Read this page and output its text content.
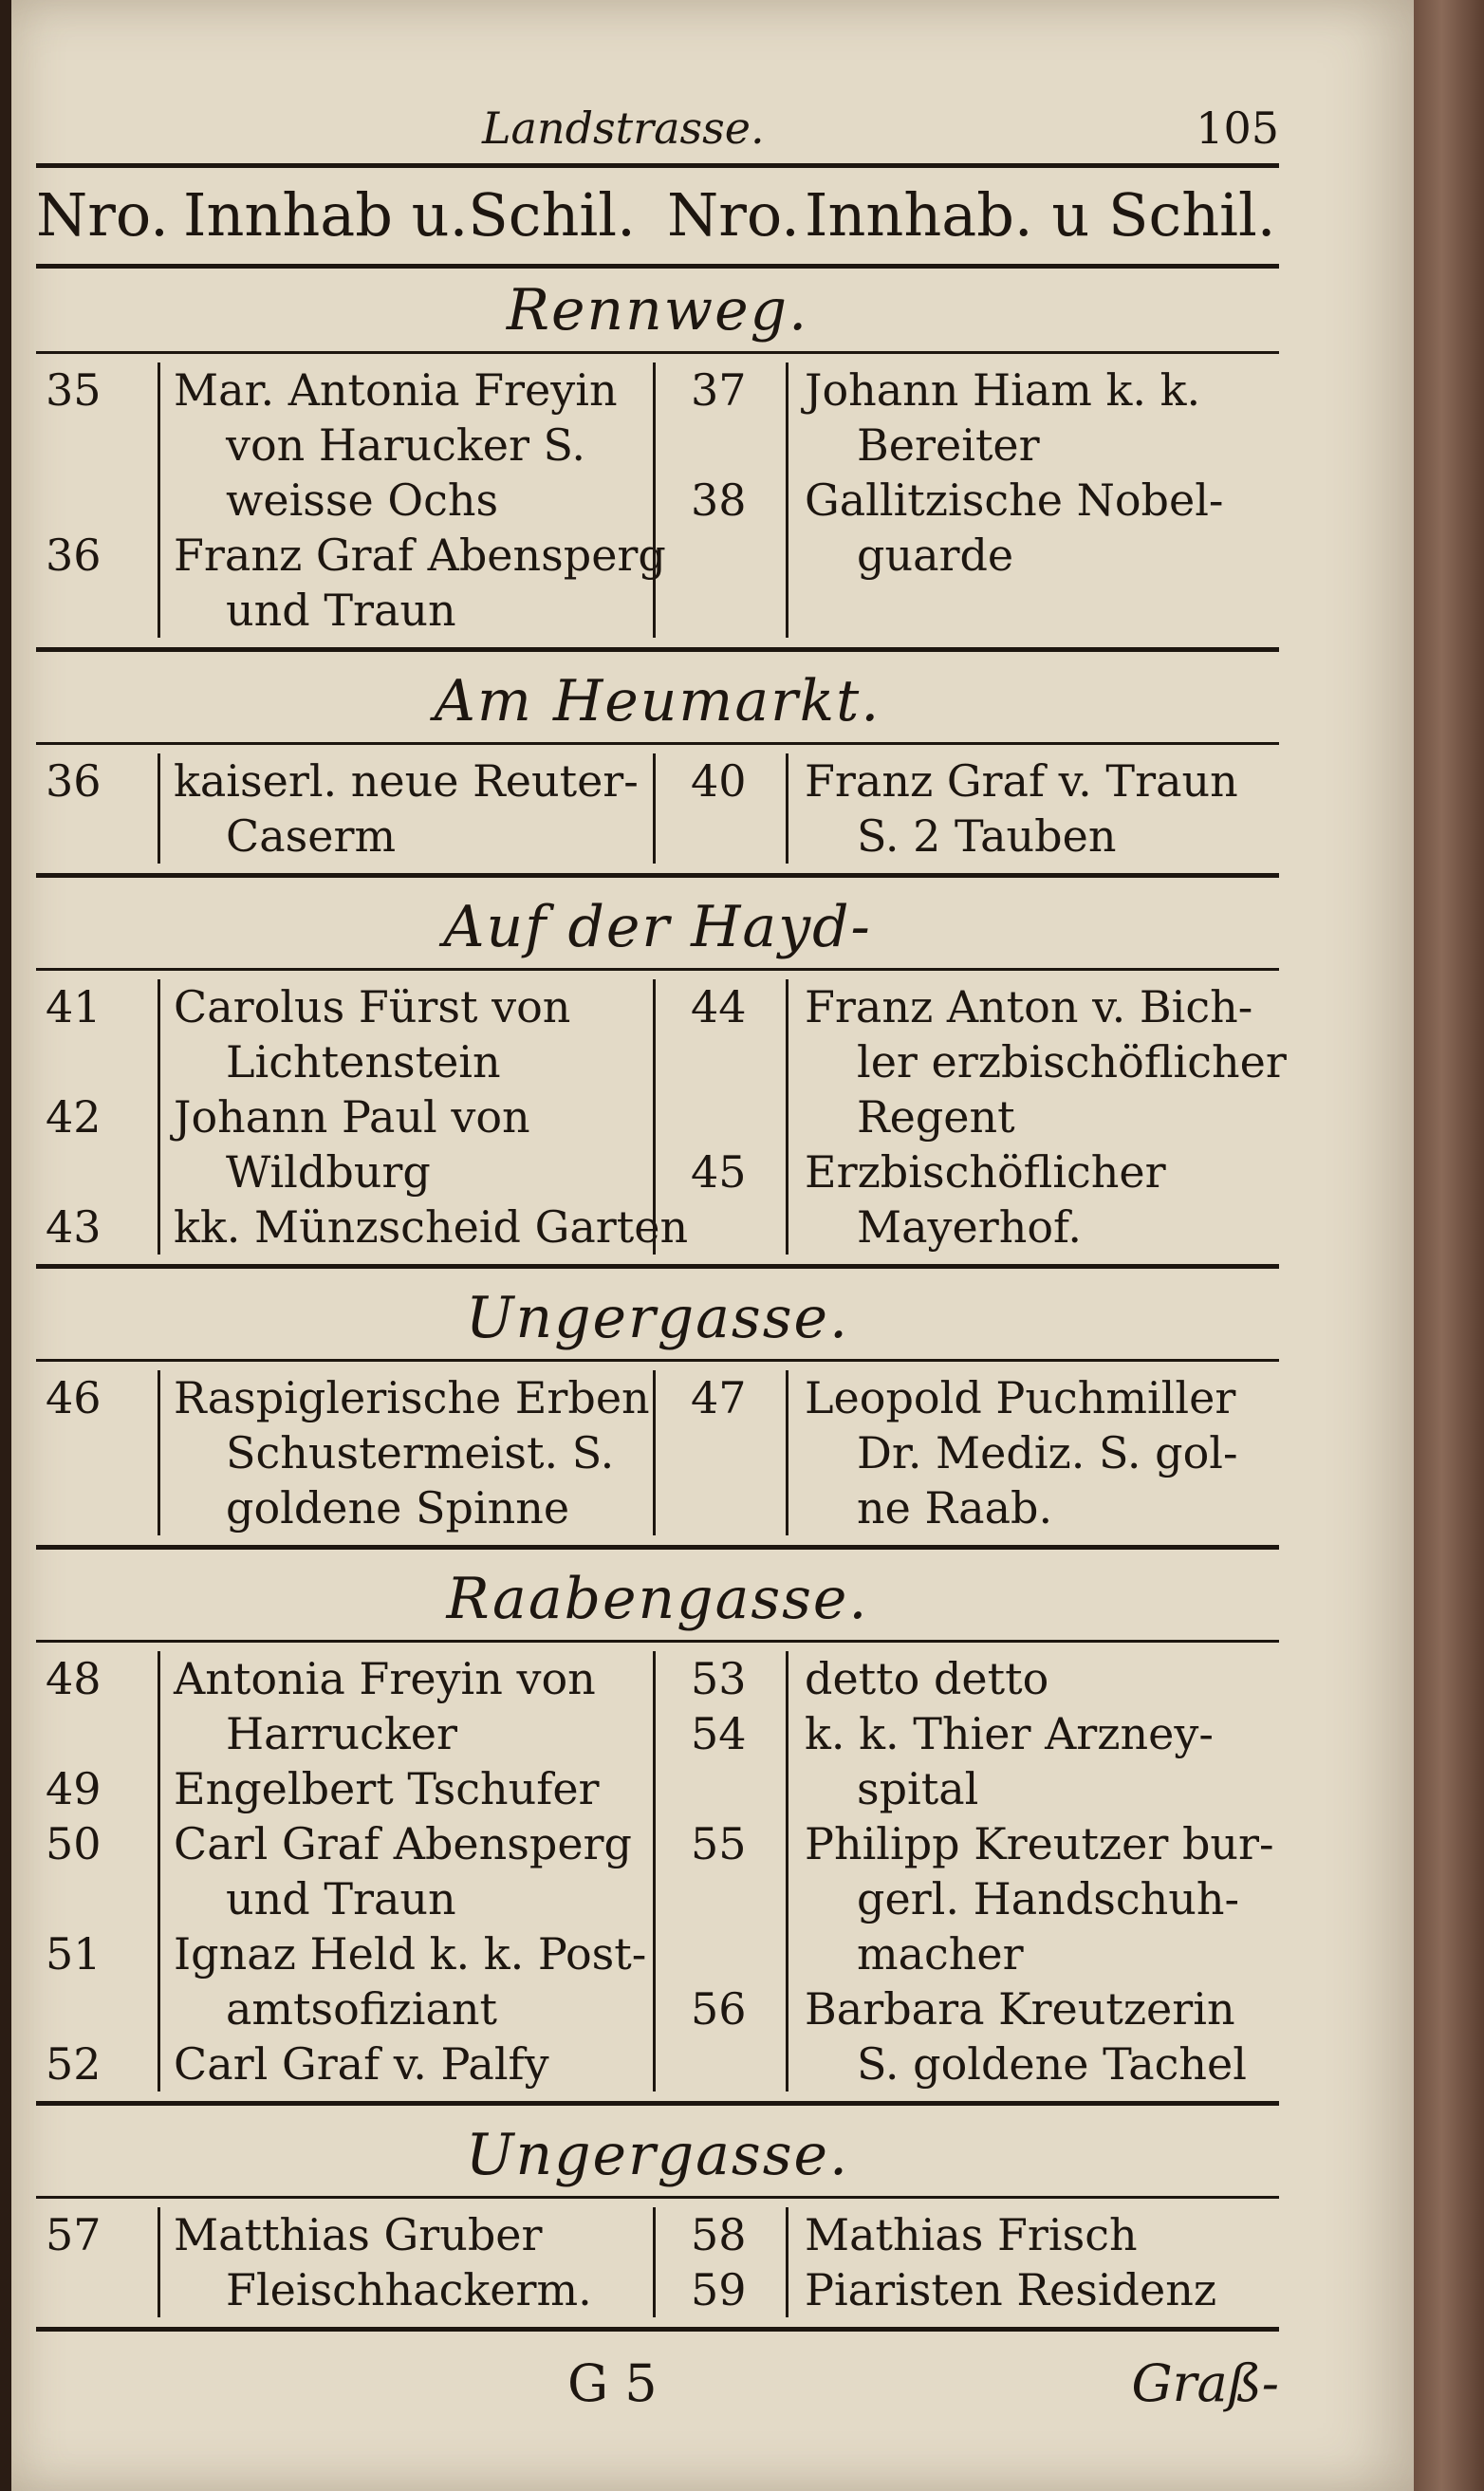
Landstrasse.	105
Nro. Innhab u.Schil. Nro. Innhab. u Schil.
Rennweg.
35 Mar. Antonia Freyin
von Harucker S.
weisse Ochs
36 Franz Graf Abensperg
und Traun
37 Johann Hiam k. k.
Bereiter
38 Gallitzische Nobel-
guarde
Am Heumarkt.
36 kaiserl. neue Reuter-
Caserm
40 Franz Graf v. Traun
S. 2 Tauben
Auf der Hayd-
41 Carolus Fürst von
Lichtenstein
42 Johann Paul von
Wildburg
43 kk. Münzscheid Garten
44 Franz Anton v. Bich-
ler erzbischöflicher
Regent
45 Erzbischöflicher
Mayerhof.
Ungergasse.
46 Raspiglerische Erben
Schustermeist. S.
goldene Spinne
47 Leopold Puchmiller
Dr. Mediz. S. gol-
ne Raab.
Raabengasse.
48 Antonia Freyin von
Harrucker
49 Engelbert Tschufer
50 Carl Graf Abensperg
und Traun
51 Ignaz Held k. k. Post-
amtsofiziant
52 Carl Graf v. Palfy
53 detto detto
54 k. k. Thier Arzney-
spital
55 Philipp Kreutzer bur-
gerl. Handschuh-
macher
56 Barbara Kreutzerin
S. goldene Tachel
Ungergasse.
57 Matthias Gruber
Fleischhackerm.
58 Mathias Frisch
59 Piaristen Residenz
G 5	Graß-
